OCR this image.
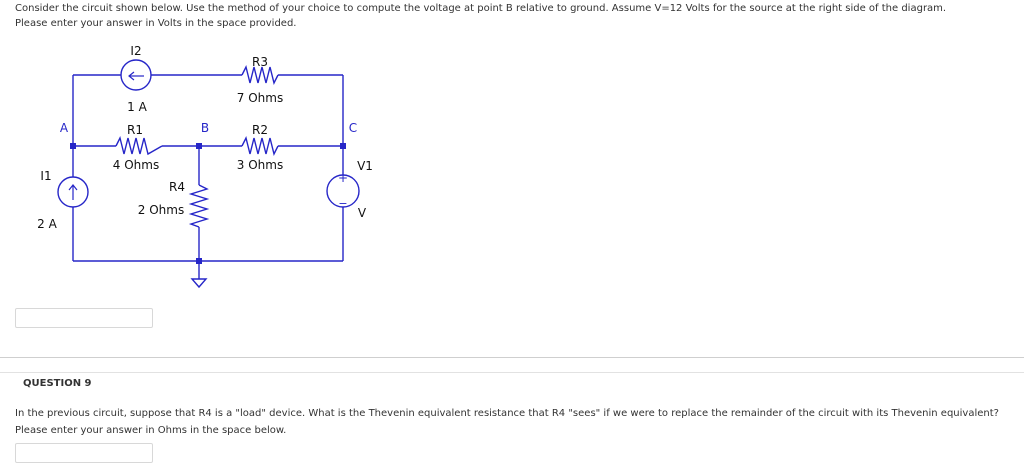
Consider the circuit shown below. Use the method of your choice to compute the voltage at point B relative to ground. Assume V=12 Volts for the source at the right side of the diagram.
Please enter your answer in Volts in the space provided.
+
−
I2
1 A
R3
7 Ohms
A	R1	B	R2	C
4 Ohms	3 Ohms	V1
I1
R4
2 Ohms	V
2 A
QUESTION 9
In the previous circuit, suppose that R4 is a "load" device. What is the Thevenin equivalent resistance that R4 "sees" if we were to replace the remainder of the circuit with its Thevenin equivalent?
Please enter your answer in Ohms in the space below.
